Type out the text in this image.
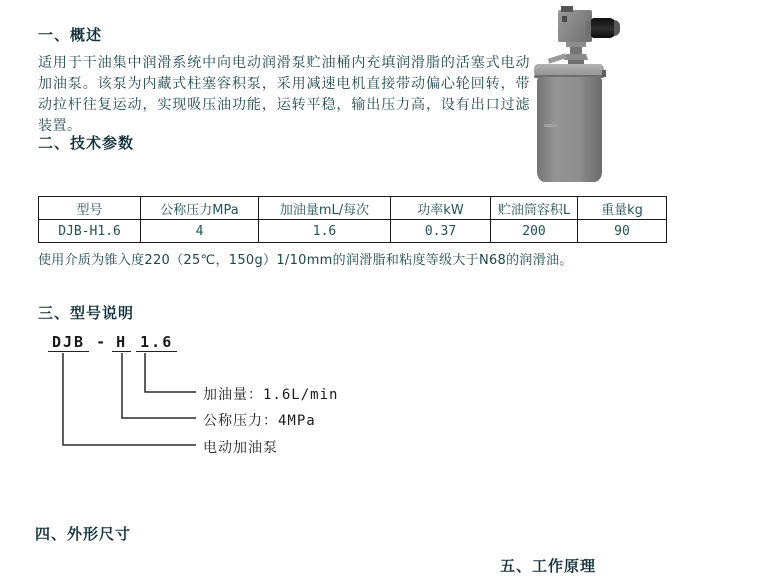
一、概述
适用于干油集中润滑系统中向电动润滑泵贮油桶内充填润滑脂的活塞式电动加油泵。该泵为内藏式柱塞容积泵，采用减速电机直接带动偏心轮回转，带动拉杆往复运动，实现吸压油功能，运转平稳，输出压力高，设有出口过滤装置。
二、技术参数
型号	公称压力MPa	加油量mL/每次	功率kW	贮油筒容积L	重量kg
DJB-H1.6	4	1.6	0.37	200	90
使用介质为锥入度220（25℃，150g）1/10mm的润滑脂和粘度等级大于N68的润滑油。
三、型号说明
DJB - H 1.6
加油量：1.6L/min
公称压力：4MPa
电动加油泵
四、外形尺寸
五、工作原理
